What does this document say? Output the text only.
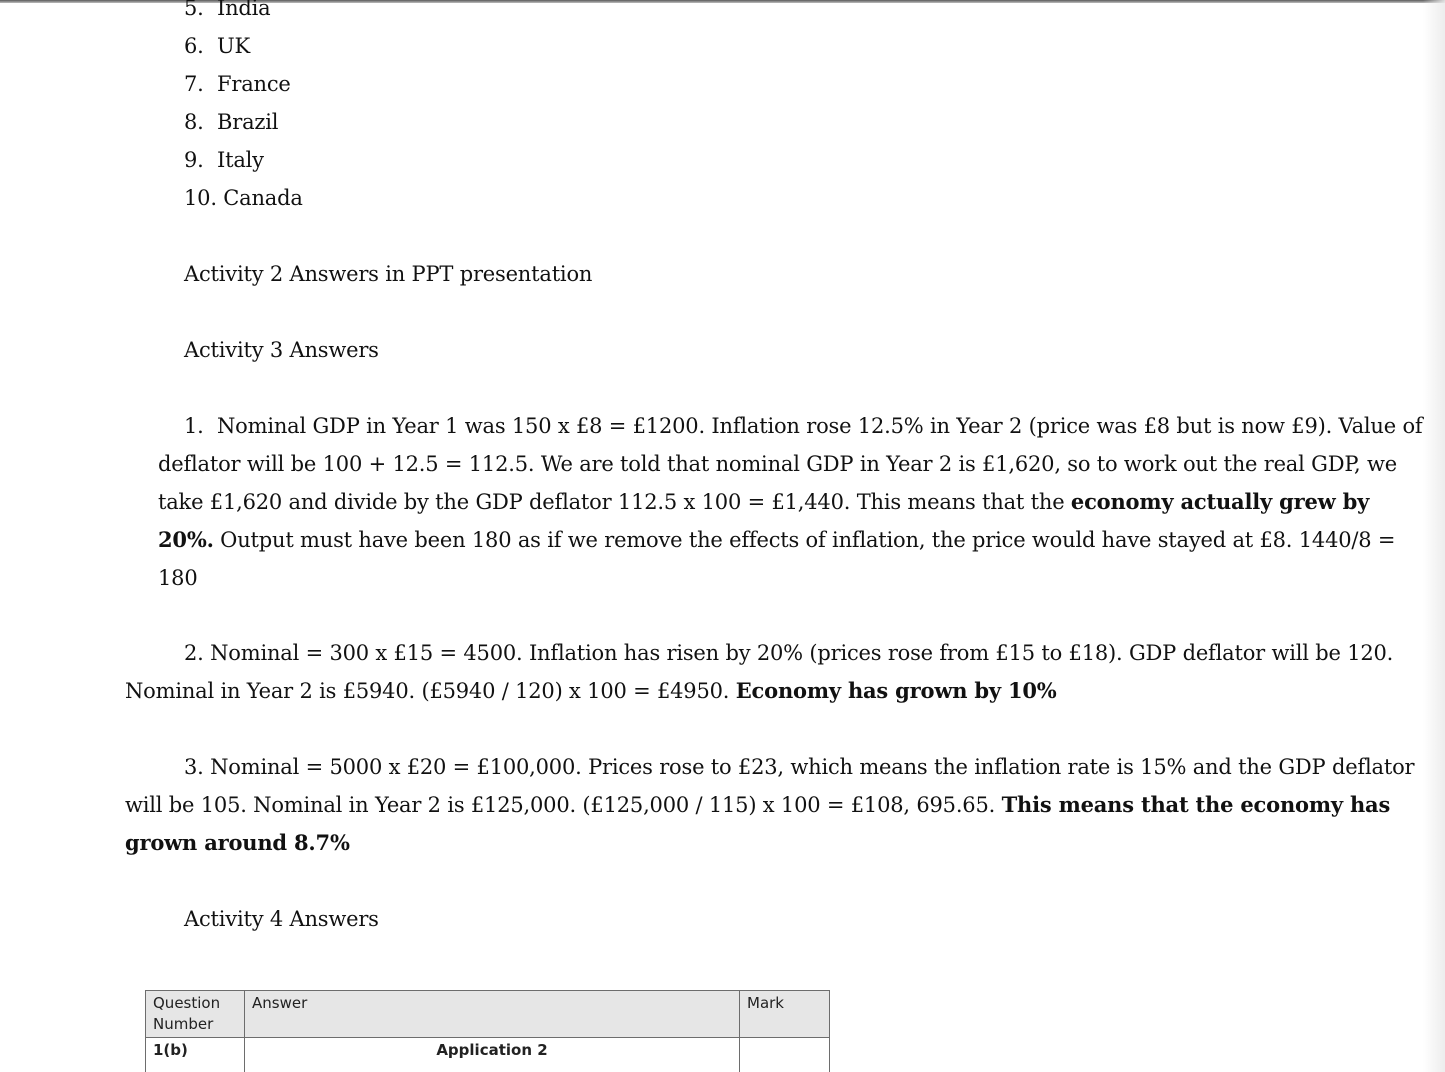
5. India
6. UK
7. France
8. Brazil
9. Italy
10. Canada
Activity 2 Answers in PPT presentation
Activity 3 Answers
1. Nominal GDP in Year 1 was 150 x £8 = £1200. Inflation rose 12.5% in Year 2 (price was £8 but is now £9). Value of
deflator will be 100 + 12.5 = 112.5. We are told that nominal GDP in Year 2 is £1,620, so to work out the real GDP, we
take £1,620 and divide by the GDP deflator 112.5 x 100 = £1,440. This means that the economy actually grew by
20%. Output must have been 180 as if we remove the effects of inflation, the price would have stayed at £8. 1440/8 =
180
2. Nominal = 300 x £15 = 4500. Inflation has risen by 20% (prices rose from £15 to £18). GDP deflator will be 120.
Nominal in Year 2 is £5940. (£5940 / 120) x 100 = £4950. Economy has grown by 10%
3. Nominal = 5000 x £20 = £100,000. Prices rose to £23, which means the inflation rate is 15% and the GDP deflator
will be 105. Nominal in Year 2 is £125,000. (£125,000 / 115) x 100 = £108, 695.65. This means that the economy has
grown around 8.7%
Activity 4 Answers
Question Number	Answer	Mark
1(b)	Application 2	
